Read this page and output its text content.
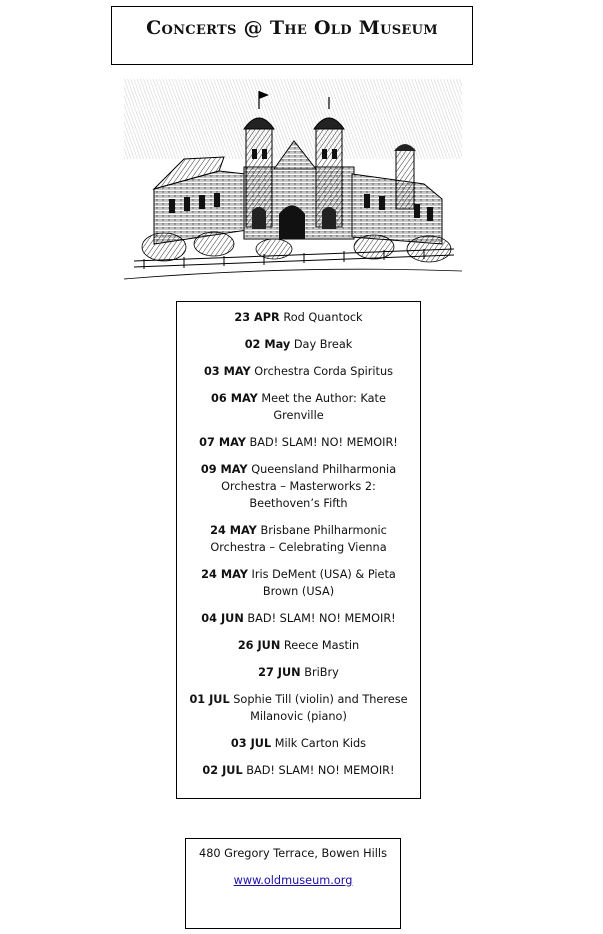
Concerts @ The Old Museum
23 APR Rod Quantock
02 May Day Break
03 MAY Orchestra Corda Spiritus
06 MAY Meet the Author: Kate Grenville
07 MAY BAD! SLAM! NO! MEMOIR!
09 MAY Queensland Philharmonia Orchestra – Masterworks 2: Beethoven’s Fifth
24 MAY Brisbane Philharmonic Orchestra – Celebrating Vienna
24 MAY Iris DeMent (USA) & Pieta Brown (USA)
04 JUN BAD! SLAM! NO! MEMOIR!
26 JUN Reece Mastin
27 JUN BriBry
01 JUL Sophie Till (violin) and Therese Milanovic (piano)
03 JUL Milk Carton Kids
02 JUL BAD! SLAM! NO! MEMOIR!
480 Gregory Terrace, Bowen Hills
www.oldmuseum.org
